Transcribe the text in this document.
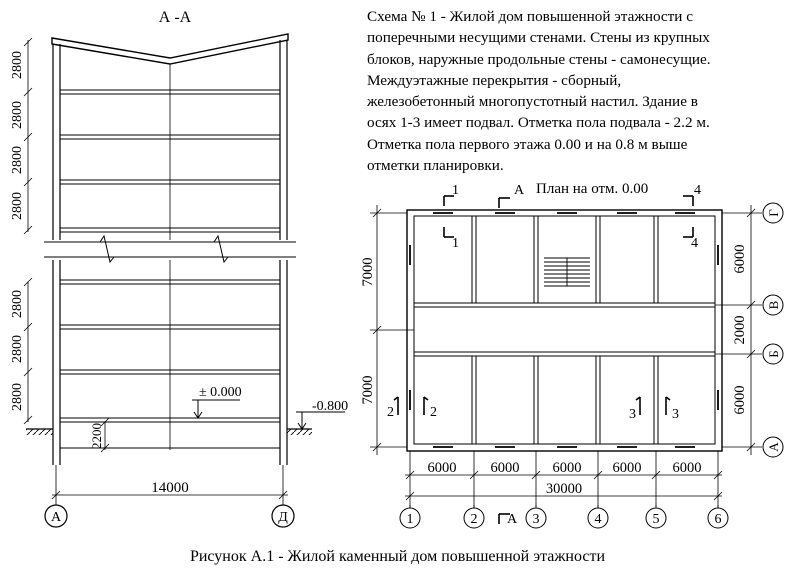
А -А
± 0.000
-0.800
2200
2800
2800
2800
2800
2800
2800
2800
14000
А	Д
План на отм. 0.00
6000 6000 6000 6000 6000
30000
7000
7000
6000
2000
6000
Г
В
Б
А
1	2	3	4	5	6
А
А
1
1
4
4
2	2	3	3
Схема № 1 - Жилой дом повышенной этажности с
поперечными несущими стенами. Стены из крупных
блоков, наружные продольные стены - самонесущие.
Междуэтажные перекрытия - сборный,
железобетонный многопустотный настил. Здание в
осях 1-3 имеет подвал. Отметка пола подвала - 2.2 м.
Отметка пола первого этажа 0.00 и на 0.8 м выше
отметки планировки.
Рисунок А.1 - Жилой каменный дом повышенной этажности
